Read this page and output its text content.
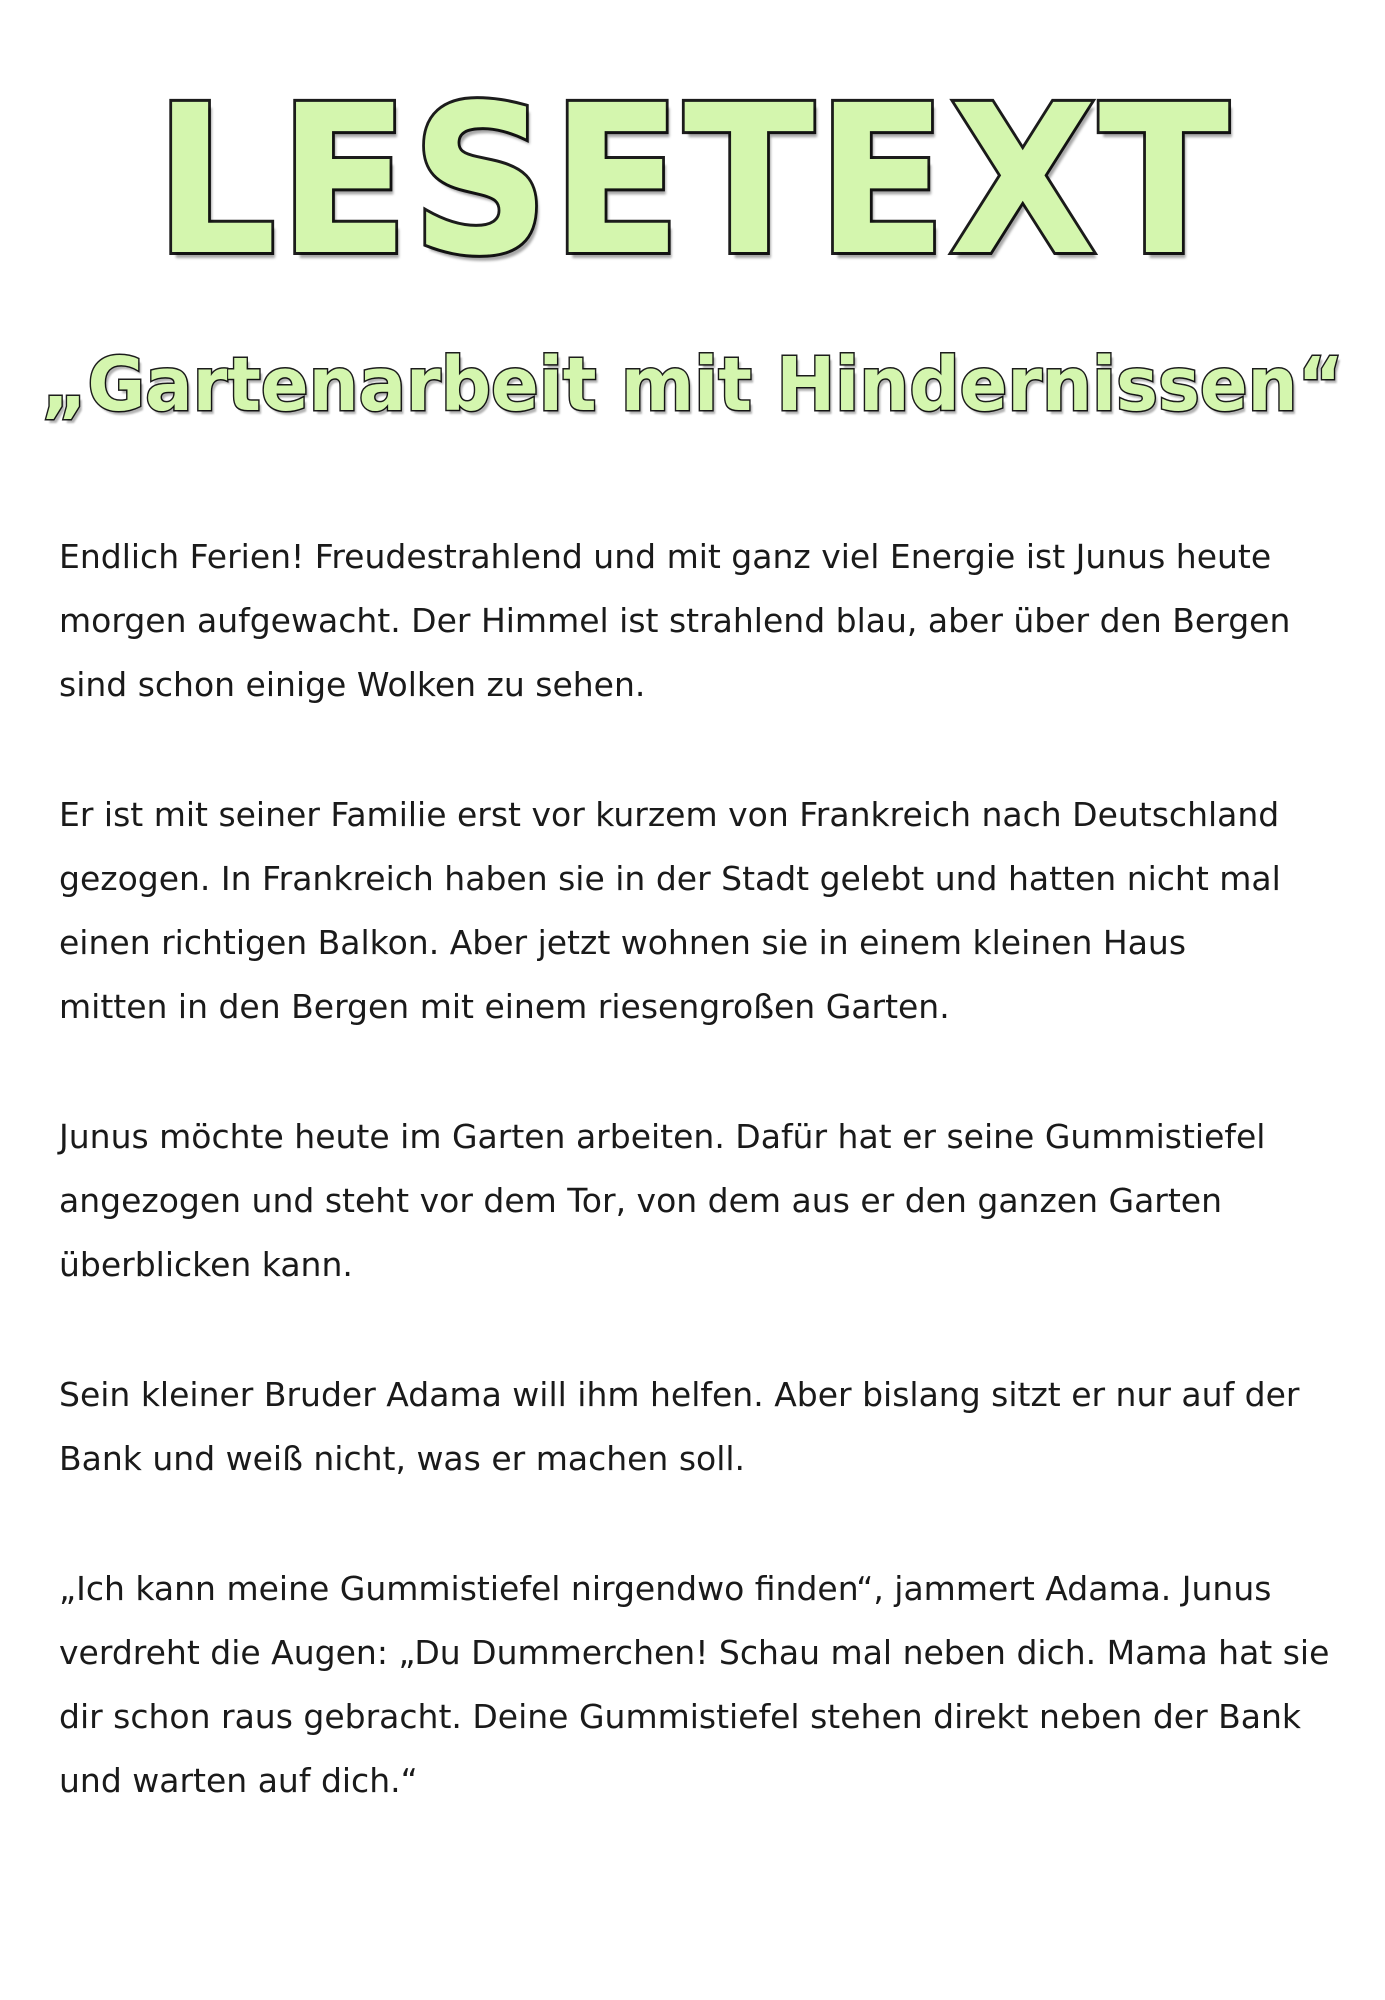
LESETEXT
„Gartenarbeit mit Hindernissen“

Endlich Ferien! Freudestrahlend und mit ganz viel Energie ist Junus heute
morgen aufgewacht. Der Himmel ist strahlend blau, aber über den Bergen
sind schon einige Wolken zu sehen.

Er ist mit seiner Familie erst vor kurzem von Frankreich nach Deutschland
gezogen. In Frankreich haben sie in der Stadt gelebt und hatten nicht mal
einen richtigen Balkon. Aber jetzt wohnen sie in einem kleinen Haus
mitten in den Bergen mit einem riesengroßen Garten.

Junus möchte heute im Garten arbeiten. Dafür hat er seine Gummistiefel
angezogen und steht vor dem Tor, von dem aus er den ganzen Garten
überblicken kann.

Sein kleiner Bruder Adama will ihm helfen. Aber bislang sitzt er nur auf der
Bank und weiß nicht, was er machen soll.

„Ich kann meine Gummistiefel nirgendwo finden“, jammert Adama. Junus
verdreht die Augen: „Du Dummerchen! Schau mal neben dich. Mama hat sie
dir schon raus gebracht. Deine Gummistiefel stehen direkt neben der Bank
und warten auf dich.“
